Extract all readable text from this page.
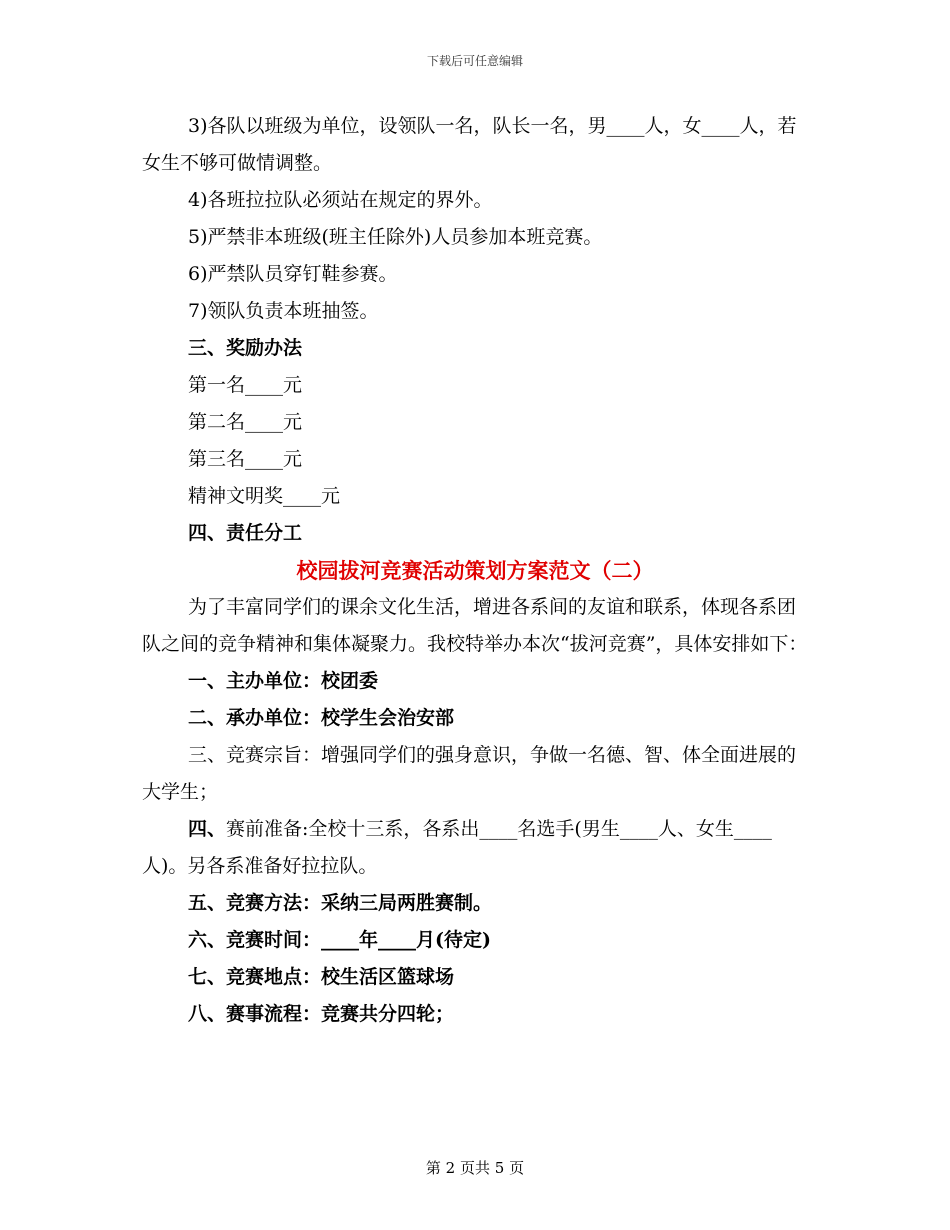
下载后可任意编辑

3)各队以班级为单位，设领队一名，队长一名，男____人，女____人，若女生不够可做情调整。

4)各班拉拉队必须站在规定的界外。

5)严禁非本班级(班主任除外)人员参加本班竞赛。

6)严禁队员穿钉鞋参赛。

7)领队负责本班抽签。

三、奖励办法

第一名____元

第二名____元

第三名____元

精神文明奖____元

四、责任分工

校园拔河竞赛活动策划方案范文（二）

为了丰富同学们的课余文化生活，增进各系间的友谊和联系，体现各系团队之间的竞争精神和集体凝聚力。我校特举办本次“拔河竞赛”，具体安排如下：

一、主办单位：校团委

二、承办单位：校学生会治安部

三、竞赛宗旨：增强同学们的强身意识，争做一名德、智、体全面进展的大学生；

四、赛前准备:全校十三系，各系出____名选手(男生____人、女生____人)。另各系准备好拉拉队。

五、竞赛方法：采纳三局两胜赛制。

六、竞赛时间：____年____月(待定)

七、竞赛地点：校生活区篮球场

八、赛事流程：竞赛共分四轮；

第 2 页共 5 页
